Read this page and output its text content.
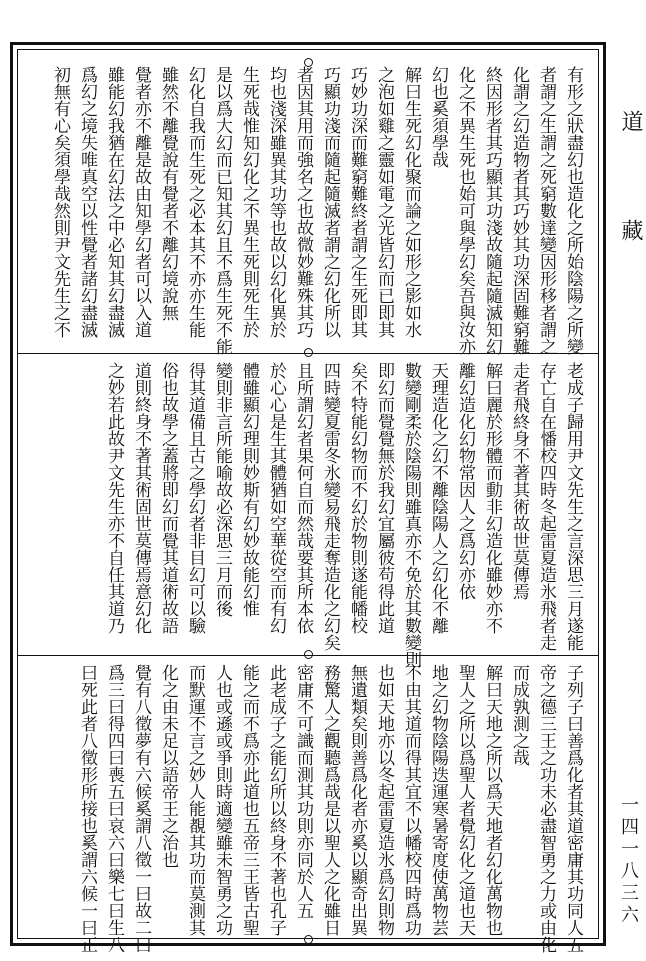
有形之狀盡幻也造化之所始陰陽之所變
者謂之生謂之死窮數達變因形移者謂之
化謂之幻造物者其巧妙其功深固難窮難
終因形者其巧顯其功淺故隨起隨滅知幻
化之不異生死也始可與學幻矣吾與汝亦
幻也奚須學哉
解曰生死幻化聚而論之如形之影如水
之泡如雞之靈如電之光皆幻而已即其
巧妙功深而難窮難終者謂之生死即其
巧顯功淺而隨起隨滅者謂之幻化所以
者因其用而強名之也故微妙難殊其巧
均也淺深雖異其功等也故以幻化異於
生死哉惟知幻化之不異生死則死生於
是以爲大幻而已知其幻且不爲生死不能
幻化自我而生死之必本其不亦亦生能
雖然不離覺說有覺者不離幻境說無
覺者亦不離是故由知學幻者可以入道
雖能幻我猶在幻法之中必知其幻盡滅
爲幻之境失唯真空以性覺者諸幻盡滅
初無有心矣須學哉然則尹文先生之不
老成子歸用尹文先生之言深思三月遂能
存亡自在憣校四時冬起雷夏造氷飛者走
走者飛終身不著其術故世莫傳焉
解曰麗於形體而動非幻造化雖妙亦不
離幻造化幻物常因人之爲幻亦依
天理造化之幻不離陰陽人之幻化不離
數變剛柔於陰陽則雖真亦不免於其數變則
即幻而覺覺無於我幻宜屬彼苟得此道
矣不特能幻物而不幻於物則遂能幡校
四時變夏雷冬氷變易飛走奪造化之幻矣
且所謂幻者果何自而然哉要其所本依
於心心是生其體猶如空華從空而有幻
體雖顯幻理則妙斯有幻妙故能幻惟
變則非言所能喻故必深思三月而後
得其道備且古之學幻者非目幻可以驗
俗也故學之蓋將即幻而覺其道術故語
道則終身不著其術固世莫傳焉意幻化
之妙若此故尹文先生亦不自任其道乃
子列子曰善爲化者其道密庸其功同人五
帝之德三王之功未必盡智勇之力或由化
而成孰測之哉
解曰天地之所以爲天地者幻化萬物也
聖人之所以爲聖人者覺幻化之道也天
地之幻物陰陽迭運寒暑寄度使萬物芸
不由其道而得其宜不以幡校四時爲功
也如天地亦以冬起雷夏造氷爲幻則物
無遺類矣則善爲化者亦奚以顯奇出異
務驚人之觀聽爲哉是以聖人之化雖日
密庸不可識而測其功則亦同於人五
此老成子之能幻所以終身不著也孔子
能之而不爲亦此道也五帝三王皆古聖
人也或遜或爭則時適變雖未智勇之功
而默運不言之妙人能覩其功而莫測其
化之由未足以語帝王之治也
覺有八徵夢有六候奚謂八徵一曰故二曰
爲三曰得四曰喪五曰哀六曰樂七曰生八
曰死此者八徵形所接也奚謂六候一曰正
道 藏
一四一八三六
